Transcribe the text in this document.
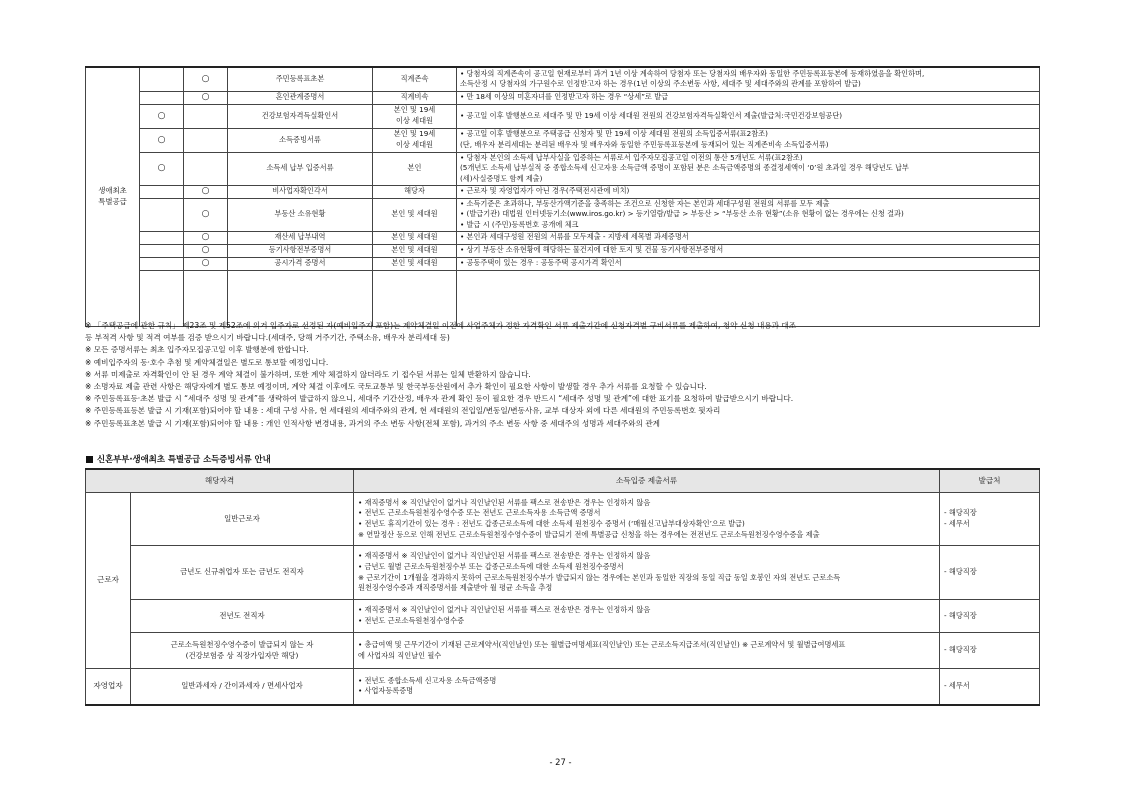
생애최초
특별공급		○	주민등록표초본	직계존속	• 당첨자의 직계존속이 공고일 현재로부터 과거 1년 이상 계속하여 당첨자 또는 당첨자의 배우자와 동일한 주민등록표등본에 등재하였음을 확인하며,
소득산정 시 당첨자의 가구원수로 인정받고자 하는 경우(1년 이상의 주소변동 사항, 세대주 및 세대주와의 관계를 포함하여 발급)

		○	혼인관계증명서	직계비속	• 만 18세 이상의 미혼자녀를 인정받고자 하는 경우 “상세”로 발급

	○		건강보험자격득실확인서	본인 및 19세
이상 세대원	• 공고일 이후 발행분으로 세대주 및 만 19세 이상 세대원 전원의 건강보험자격득실확인서 제출(발급처:국민건강보험공단)

	○		소득증빙서류	본인 및 19세
이상 세대원	• 공고일 이후 발행분으로 주택공급 신청자 및 만 19세 이상 세대원 전원의 소득입증서류(표2참조)
(단, 배우자 분리세대는 분리된 배우자 및 배우자와 동일한 주민등록표등본에 등재되어 있는 직계존비속 소득입증서류)

	○		소득세 납부 입증서류	본인	• 당첨자 본인의 소득세 납부사실을 입증하는 서류로서 입주자모집공고일 이전의 통산 5개년도 서류(표2참조)
(5개년도 소득세 납부실적 중 종합소득세 신고자용 소득금액 증명이 포함된 분은 소득금액증명의 종결정세액이 ‘0’원 초과일 경우 해당년도 납부
(세)사실증명도 함께 제출)

		○	비사업자확인각서	해당자	• 근로자 및 자영업자가 아닌 경우(주택전시관에 비치)

		○	부동산 소유현황	본인 및 세대원	• 소득기준은 초과하나, 부동산가액기준을 충족하는 조건으로 신청한 자는 본인과 세대구성원 전원의 서류를 모두 제출
• (발급기관) 대법원 인터넷등기소(www.iros.go.kr) > 등기열람/발급 > 부동산 > “부동산 소유 현황”(소유 현황이 없는 경우에는 신청 결과)
• 발급 시 (주민)등록번호 공개에 체크

		○	재산세 납부내역	본인 및 세대원	• 본인과 세대구성원 전원의 서류를 모두제출 - 지방세 세목별 과세증명서

		○	등기사항전부증명서	본인 및 세대원	• 상기 부동산 소유현황에 해당하는 물건지에 대한 토지 및 건물 등기사항전부증명서

		○	공시가격 증명서	본인 및 세대원	• 공동주택이 있는 경우 : 공동주택 공시가격 확인서

※ 「주택공급에 관한 규칙」 제23조 및 제52조에 의거 입주자로 선정된 자(예비입주자 포함)는 계약체결일 이전에 사업주체가 정한 자격확인 서류 제출기간에 신청자격별 구비서류를 제출하여, 청약 신청 내용과 대조
등 부적격 사항 및 적격 여부를 검증 받으시기 바랍니다.(세대주, 당해 거주기간, 주택소유, 배우자 분리세대 등)
※ 모든 증명서류는 최초 입주자모집공고일 이후 발행분에 한합니다.
※ 예비입주자의 동·호수 추첨 및 계약체결일은 별도로 통보할 예정입니다.
※ 서류 미제출로 자격확인이 안 된 경우 계약 체결이 불가하며, 또한 계약 체결하지 않더라도 기 접수된 서류는 일체 반환하지 않습니다.
※ 소명자료 제출 관련 사항은 해당자에게 별도 통보 예정이며, 계약 체결 이후에도 국토교통부 및 한국부동산원에서 추가 확인이 필요한 사항이 발생할 경우 추가 서류를 요청할 수 있습니다.
※ 주민등록표등·초본 발급 시 “세대주 성명 및 관계”를 생략하여 발급하지 않으니, 세대주 기간산정, 배우자 관계 확인 등이 필요한 경우 반드시 “세대주 성명 및 관계”에 대한 표기를 요청하여 발급받으시기 바랍니다.
※ 주민등록표등본 발급 시 기재(포함)되어야 할 내용 : 세대 구성 사유, 현 세대원의 세대주와의 관계, 현 세대원의 전입일/변동일/변동사유, 교부 대상자 외에 다른 세대원의 주민등록번호 뒷자리
※ 주민등록표초본 발급 시 기재(포함)되어야 할 내용 : 개인 인적사항 변경내용, 과거의 주소 변동 사항(전체 포함), 과거의 주소 변동 사항 중 세대주의 성명과 세대주와의 관계
신혼부부·생애최초 특별공급 소득증빙서류 안내
해당자격		소득입증 제출서류	발급처
근로자	일반근로자	• 재직증명서 ※ 직인날인이 없거나 직인날인된 서류를 팩스로 전송받은 경우는 인정하지 않음
• 전년도 근로소득원천징수영수증 또는 전년도 근로소득자용 소득금액 증명서
• 전년도 휴직기간이 있는 경우 : 전년도 갑종근로소득에 대한 소득세 원천징수 증명서 (‘매월신고납부대상자확인’으로 발급)
※ 연말정산 등으로 인해 전년도 근로소득원천징수영수증이 발급되기 전에 특별공급 신청을 하는 경우에는 전전년도 근로소득원천징수영수증을 제출	- 해당직장
- 세무서

	금년도 신규취업자 또는 금년도 전직자	• 재직증명서 ※ 직인날인이 없거나 직인날인된 서류를 팩스로 전송받은 경우는 인정하지 않음
• 금년도 월별 근로소득원천징수부 또는 갑종근로소득에 대한 소득세 원천징수증명서
※ 근로기간이 1개월을 경과하지 못하여 근로소득원천징수부가 발급되지 않는 경우에는 본인과 동일한 직장의 동일 직급 동일 호봉인 자의 전년도 근로소득
원천징수영수증과 재직증명서를 제출받아 월 평균 소득을 추정	- 해당직장

	전년도 전직자	• 재직증명서 ※ 직인날인이 없거나 직인날인된 서류를 팩스로 전송받은 경우는 인정하지 않음
• 전년도 근로소득원천징수영수증	- 해당직장

	근로소득원천징수영수증이 발급되지 않는 자
(건강보험증 상 직장가입자만 해당)	• 총급여액 및 근무기간이 기재된 근로계약서(직인날인) 또는 월별급여명세표(직인날인) 또는 근로소득지급조서(직인날인) ※ 근로계약서 및 월별급여명세표
에 사업자의 직인날인 필수	- 해당직장

자영업자	일반과세자 / 간이과세자 / 면세사업자	• 전년도 종합소득세 신고자용 소득금액증명
• 사업자등록증명	- 세무서
- 27 -
